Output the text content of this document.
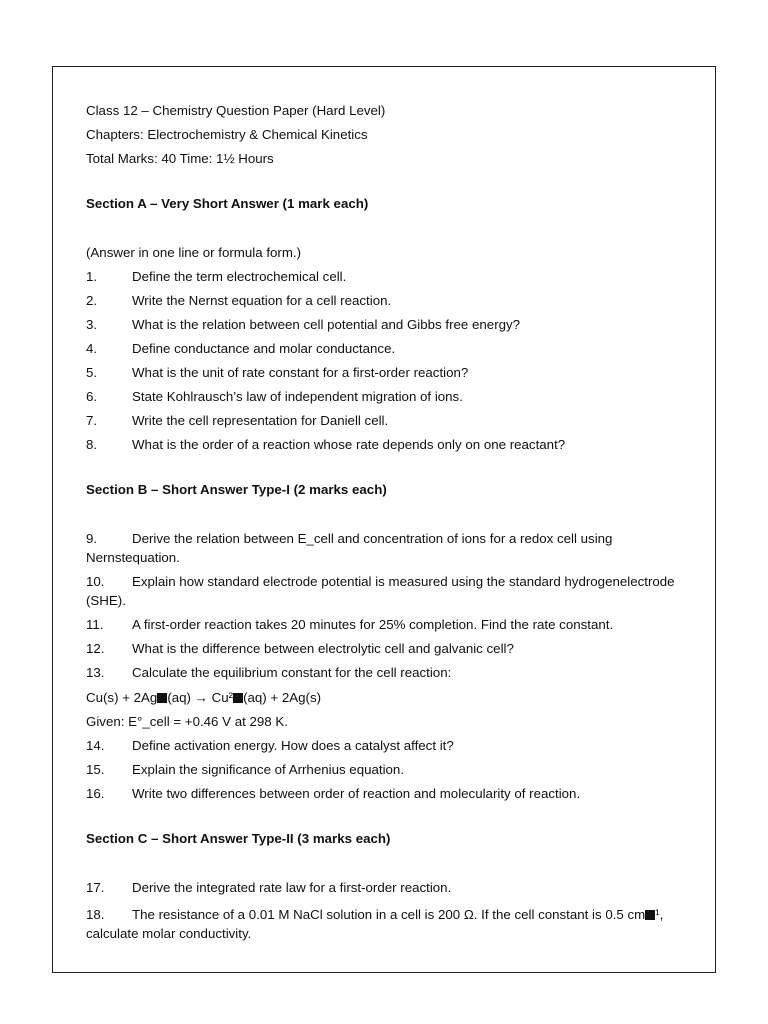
Class 12 – Chemistry Question Paper (Hard Level)
Chapters: Electrochemistry & Chemical Kinetics
Total Marks: 40 Time: 1½ Hours
Section A – Very Short Answer (1 mark each)
(Answer in one line or formula form.)
1.	Define the term electrochemical cell.
2.	Write the Nernst equation for a cell reaction.
3.	What is the relation between cell potential and Gibbs free energy?
4.	Define conductance and molar conductance.
5.	What is the unit of rate constant for a first-order reaction?
6.	State Kohlrausch’s law of independent migration of ions.
7.	Write the cell representation for Daniell cell.
8.	What is the order of a reaction whose rate depends only on one reactant?
Section B – Short Answer Type-I (2 marks each)
9.	Derive the relation between E_cell and concentration of ions for a redox cell using Nernstequation.
10. Explain how standard electrode potential is measured using the standard hydrogenelectrode (SHE).
11. A first-order reaction takes 20 minutes for 25% completion. Find the rate constant.
12. What is the difference between electrolytic cell and galvanic cell?
13. Calculate the equilibrium constant for the cell reaction:
Cu(s) + 2Ag (aq) → Cu² (aq) + 2Ag(s)
Given: E°_cell = +0.46 V at 298 K.
14. Define activation energy. How does a catalyst affect it?
15. Explain the significance of Arrhenius equation.
16. Write two differences between order of reaction and molecularity of reaction.
Section C – Short Answer Type-II (3 marks each)
17. Derive the integrated rate law for a first-order reaction.
18. The resistance of a 0.01 M NaCl solution in a cell is 200 Ω. If the cell constant is 0.5 cm ¹, calculate molar conductivity.
